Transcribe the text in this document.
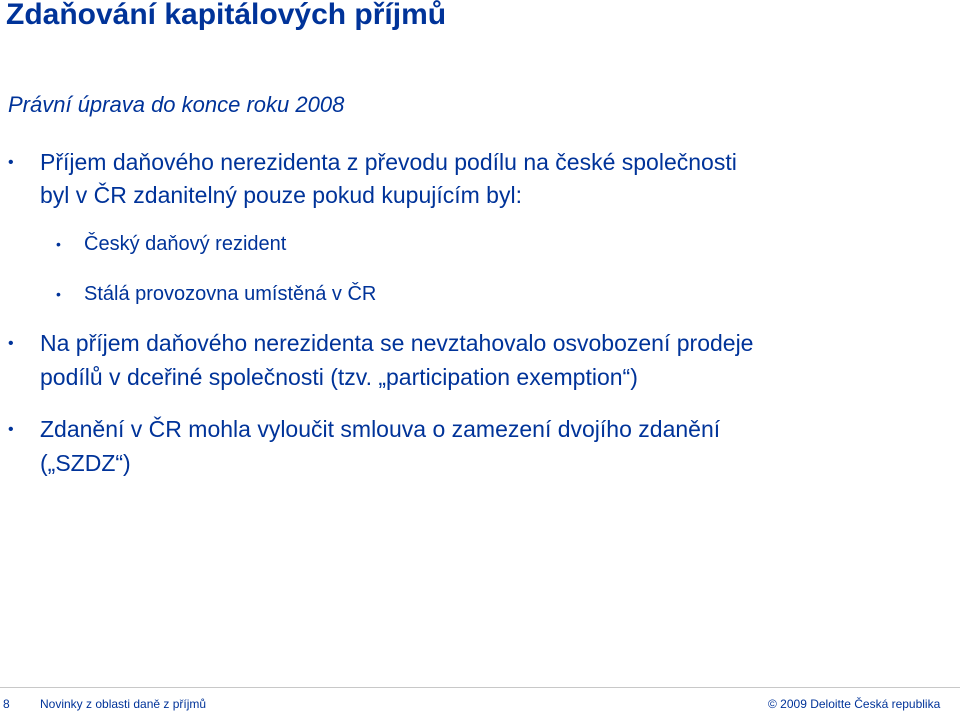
Zdaňování kapitálových příjmů
Právní úprava do konce roku 2008
• Příjem daňového nerezidenta z převodu podílu na české společnosti
byl v ČR zdanitelný pouze pokud kupujícím byl:
• Český daňový rezident
• Stálá provozovna umístěná v ČR
• Na příjem daňového nerezidenta se nevztahovalo osvobození prodeje
podílů v dceřiné společnosti (tzv. „participation exemption“)
• Zdanění v ČR mohla vyloučit smlouva o zamezení dvojího zdanění
(„SZDZ“)
8	Novinky z oblasti daně z příjmů	© 2009 Deloitte Česká republika
